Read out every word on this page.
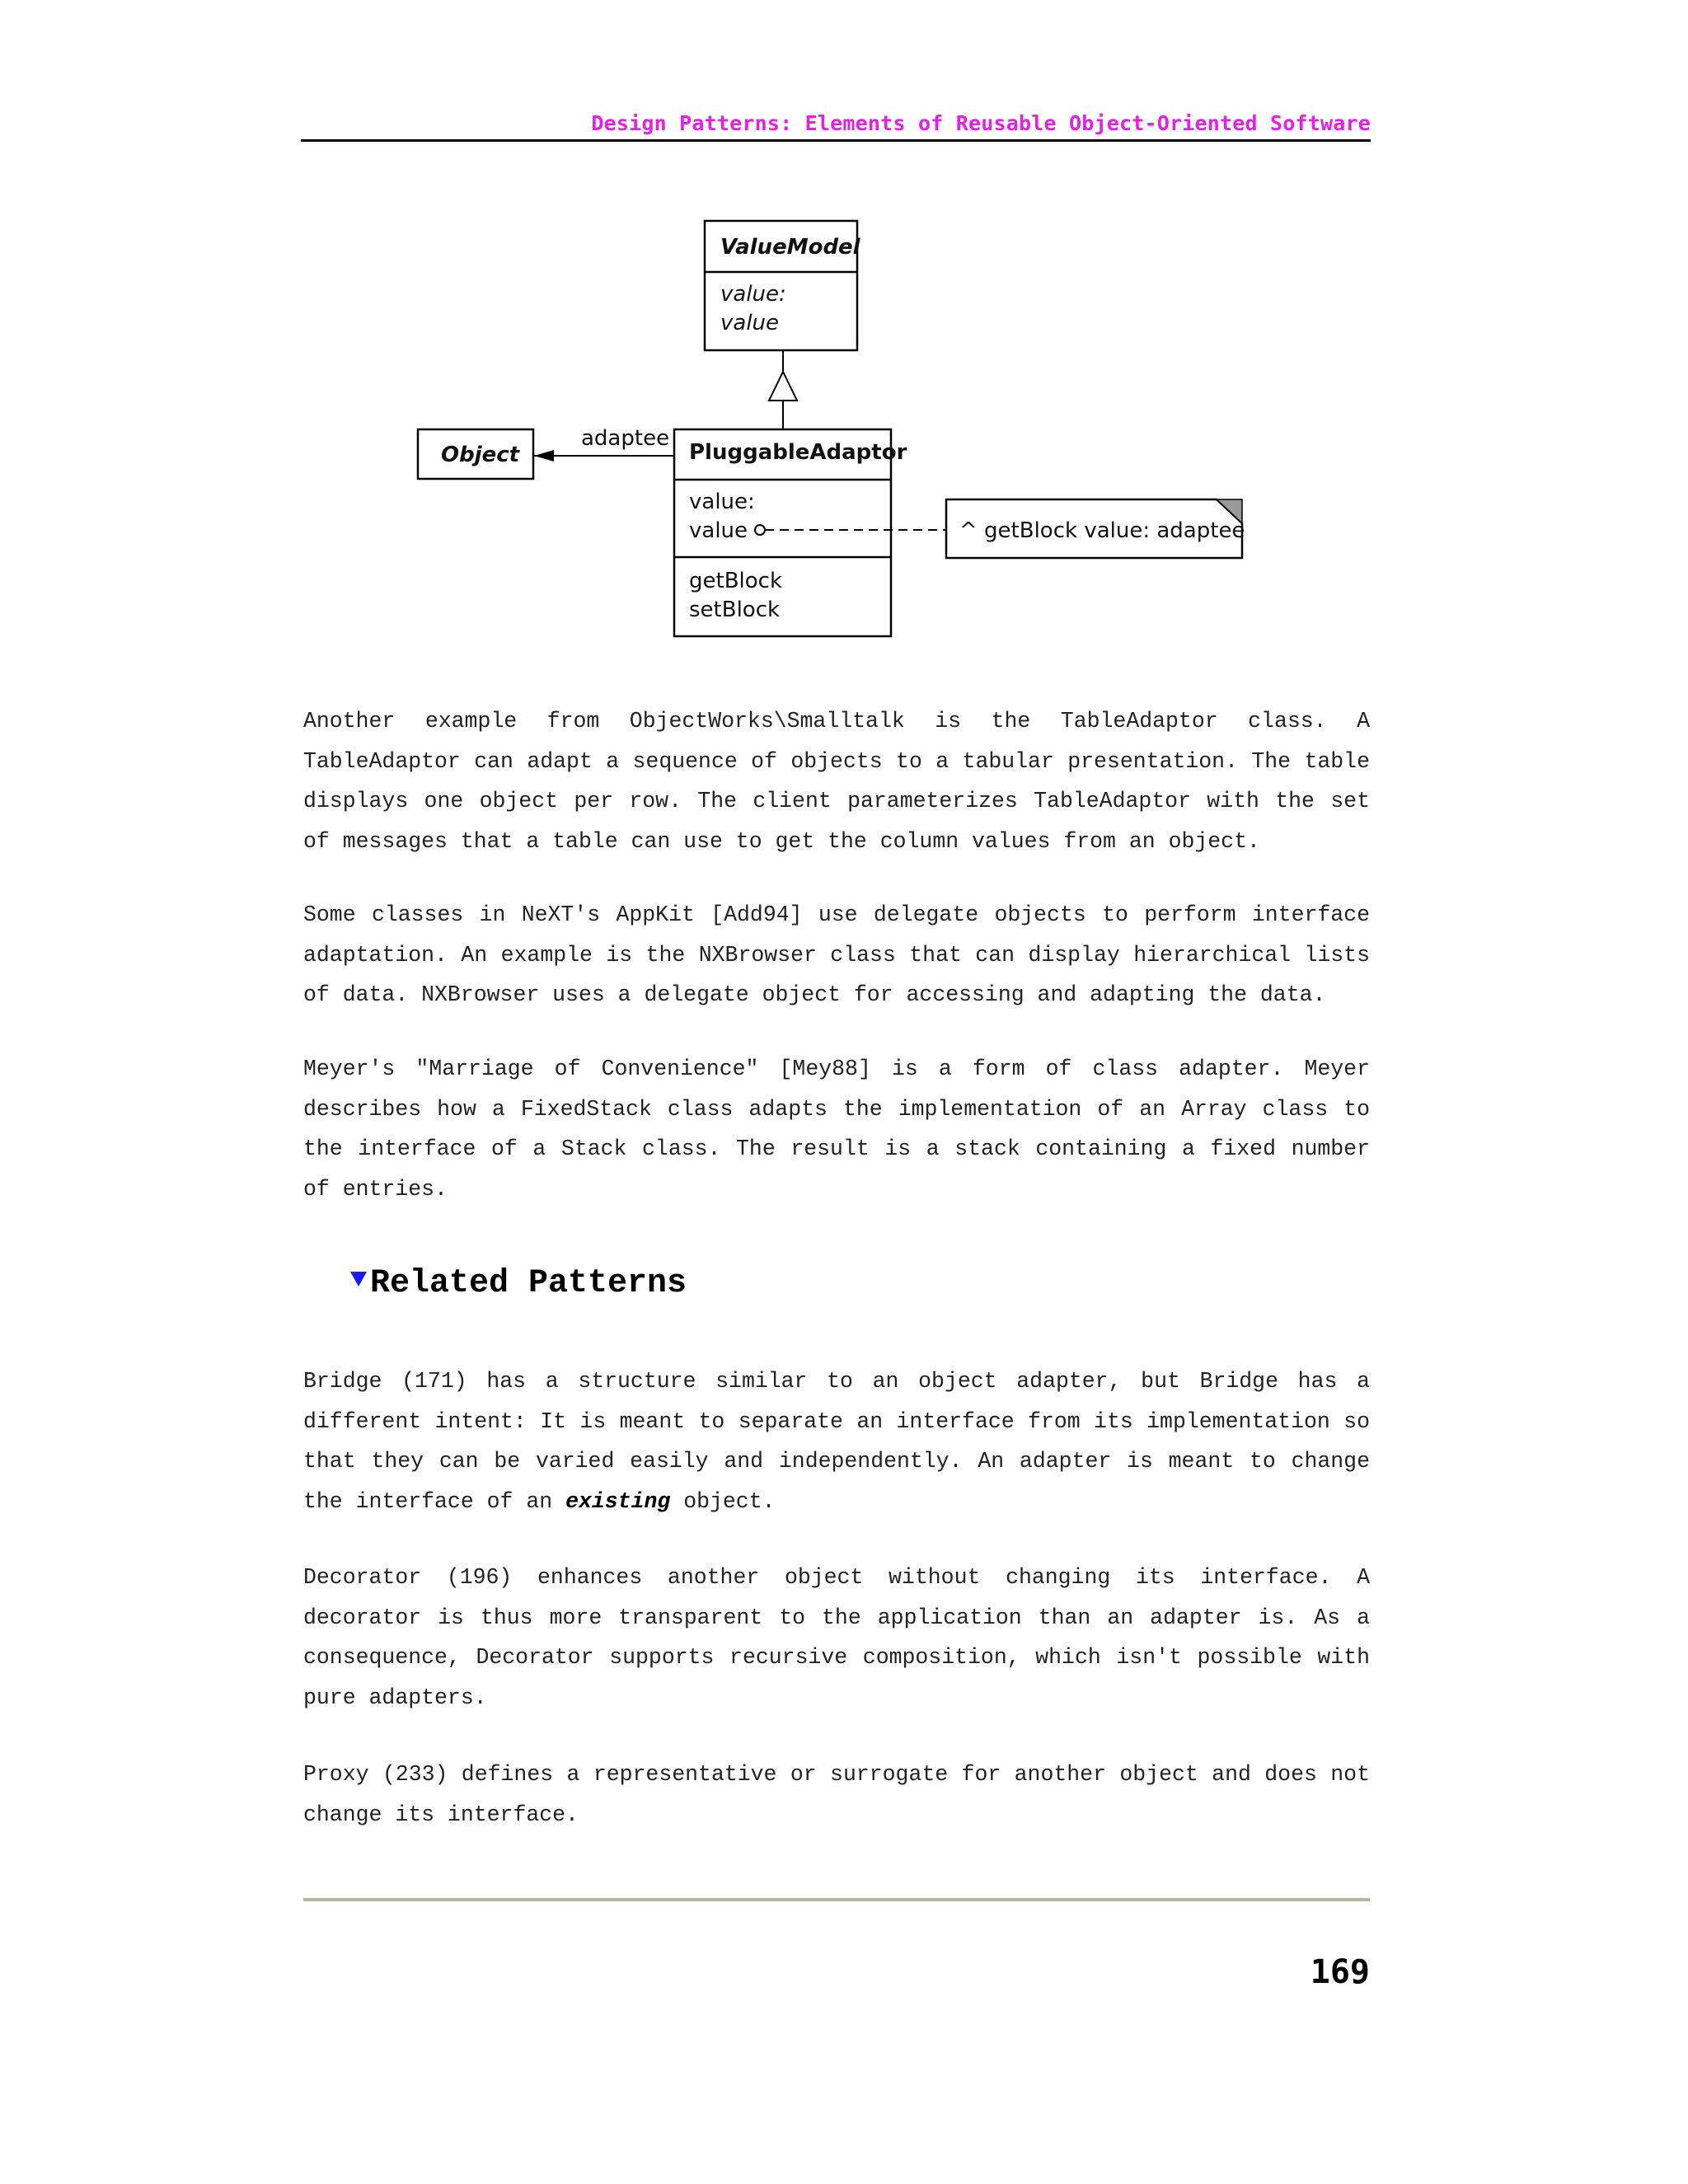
Design Patterns: Elements of Reusable Object-Oriented Software
ValueModel
value:
value
Object
adaptee
PluggableAdaptor
value:
value
getBlock
setBlock
^ getBlock value: adaptee

Another example from ObjectWorks\Smalltalk is the TableAdaptor class. A TableAdaptor can adapt a sequence of objects to a tabular presentation. The table displays one object per row. The client parameterizes TableAdaptor with the set of messages that a table can use to get the column values from an object.

Some classes in NeXT's AppKit [Add94] use delegate objects to perform interface adaptation. An example is the NXBrowser class that can display hierarchical lists of data. NXBrowser uses a delegate object for accessing and adapting the data.

Meyer's "Marriage of Convenience" [Mey88] is a form of class adapter. Meyer describes how a FixedStack class adapts the implementation of an Array class to the interface of a Stack class. The result is a stack containing a fixed number of entries.

Related Patterns

Bridge (171) has a structure similar to an object adapter, but Bridge has a different intent: It is meant to separate an interface from its implementation so that they can be varied easily and independently. An adapter is meant to change the interface of an existing object.

Decorator (196) enhances another object without changing its interface. A decorator is thus more transparent to the application than an adapter is. As a consequence, Decorator supports recursive composition, which isn't possible with pure adapters.

Proxy (233) defines a representative or surrogate for another object and does not change its interface.

169
